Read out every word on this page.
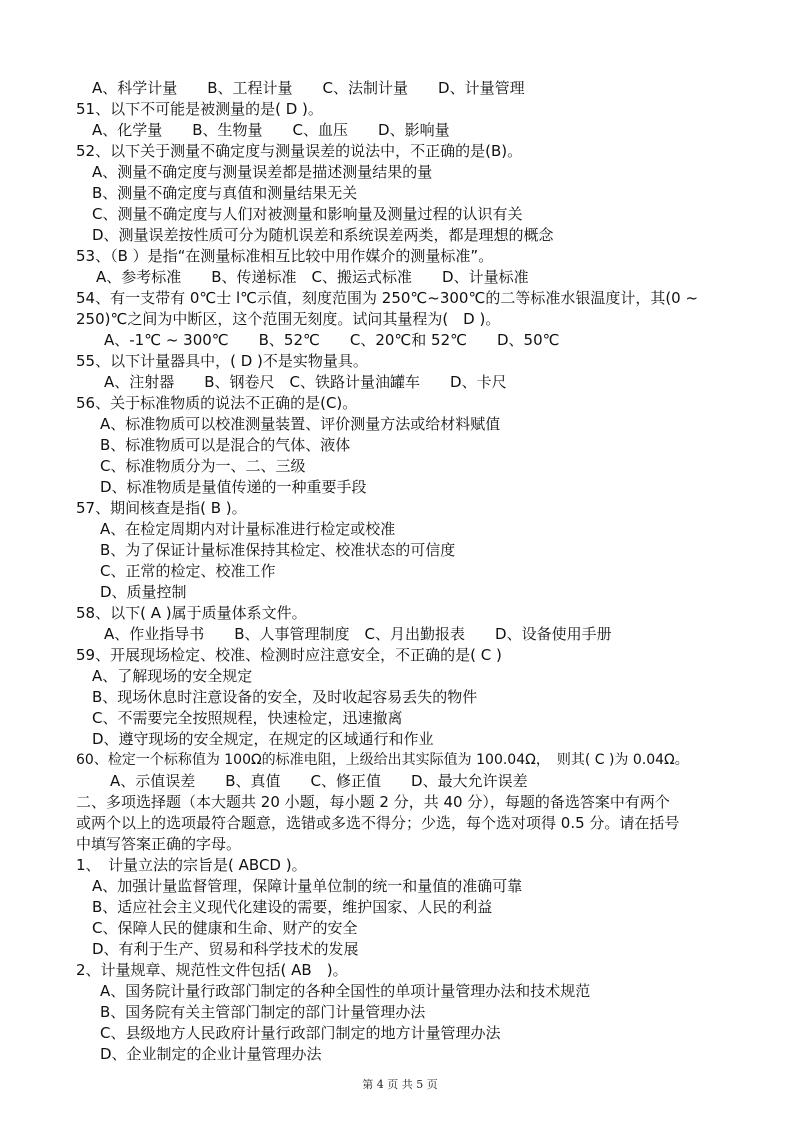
A、科学计量　　B、工程计量　　C、法制计量　　D、计量管理
51、以下不可能是被测量的是( D )。
A、化学量　　B、生物量　　C、血压　　D、影响量
52、以下关于测量不确定度与测量误差的说法中，不正确的是(B)。
A、测量不确定度与测量误差都是描述测量结果的量
B、测量不确定度与真值和测量结果无关
C、测量不确定度与人们对被测量和影响量及测量过程的认识有关
D、测量误差按性质可分为随机误差和系统误差两类，都是理想的概念
53、（B ）是指“在测量标准相互比较中用作媒介的测量标准”。
A、参考标准　　B、传递标准　C、搬运式标准　　D、计量标准
54、有一支带有 0℃士 l℃示值，刻度范围为 250℃~300℃的二等标准水银温度计，其(0 ~
250)℃之间为中断区，这个范围无刻度。试问其量程为(　D )。
A、-1℃ ~ 300℃　　B、52℃　　C、20℃和 52℃　　D、50℃
55、以下计量器具中，( D )不是实物量具。
A、注射器　　B、钢卷尺　C、铁路计量油罐车　　D、卡尺
56、关于标准物质的说法不正确的是(C)。
A、标准物质可以校准测量装置、评价测量方法或给材料赋值
B、标准物质可以是混合的气体、液体
C、标准物质分为一、二、三级
D、标准物质是量值传递的一种重要手段
57、期间核查是指( B )。
A、在检定周期内对计量标准进行检定或校准
B、为了保证计量标准保持其检定、校准状态的可信度
C、正常的检定、校准工作
D、质量控制
58、以下( A )属于质量体系文件。
A、作业指导书　　B、人事管理制度　C、月出勤报表　　D、设备使用手册
59、开展现场检定、校准、检测时应注意安全，不正确的是( C )
A、了解现场的安全规定
B、现场休息时注意设备的安全，及时收起容易丢失的物件
C、不需要完全按照规程，快速检定，迅速撤离
D、遵守现场的安全规定，在规定的区域通行和作业
60、检定一个标称值为 100Ω的标准电阻，上级给出其实际值为 100.04Ω，　则其( C )为 0.04Ω。
A、示值误差　　B、真值　　C、修正值　　D、最大允许误差
二、多项选择题（本大题共 20 小题，每小题 2 分，共 40 分），每题的备选答案中有两个
或两个以上的选项最符合题意，选错或多选不得分；少选，每个选对项得 0.5 分。请在括号
中填写答案正确的字母。
1、　计量立法的宗旨是( ABCD )。
A、加强计量监督管理，保障计量单位制的统一和量值的准确可靠
B、适应社会主义现代化建设的需要，维护国家、人民的利益
C、保障人民的健康和生命、财产的安全
D、有利于生产、贸易和科学技术的发展
2、计量规章、规范性文件包括( AB　)。
A、国务院计量行政部门制定的各种全国性的单项计量管理办法和技术规范
B、国务院有关主管部门制定的部门计量管理办法
C、县级地方人民政府计量行政部门制定的地方计量管理办法
D、企业制定的企业计量管理办法
第 4 页 共 5 页
